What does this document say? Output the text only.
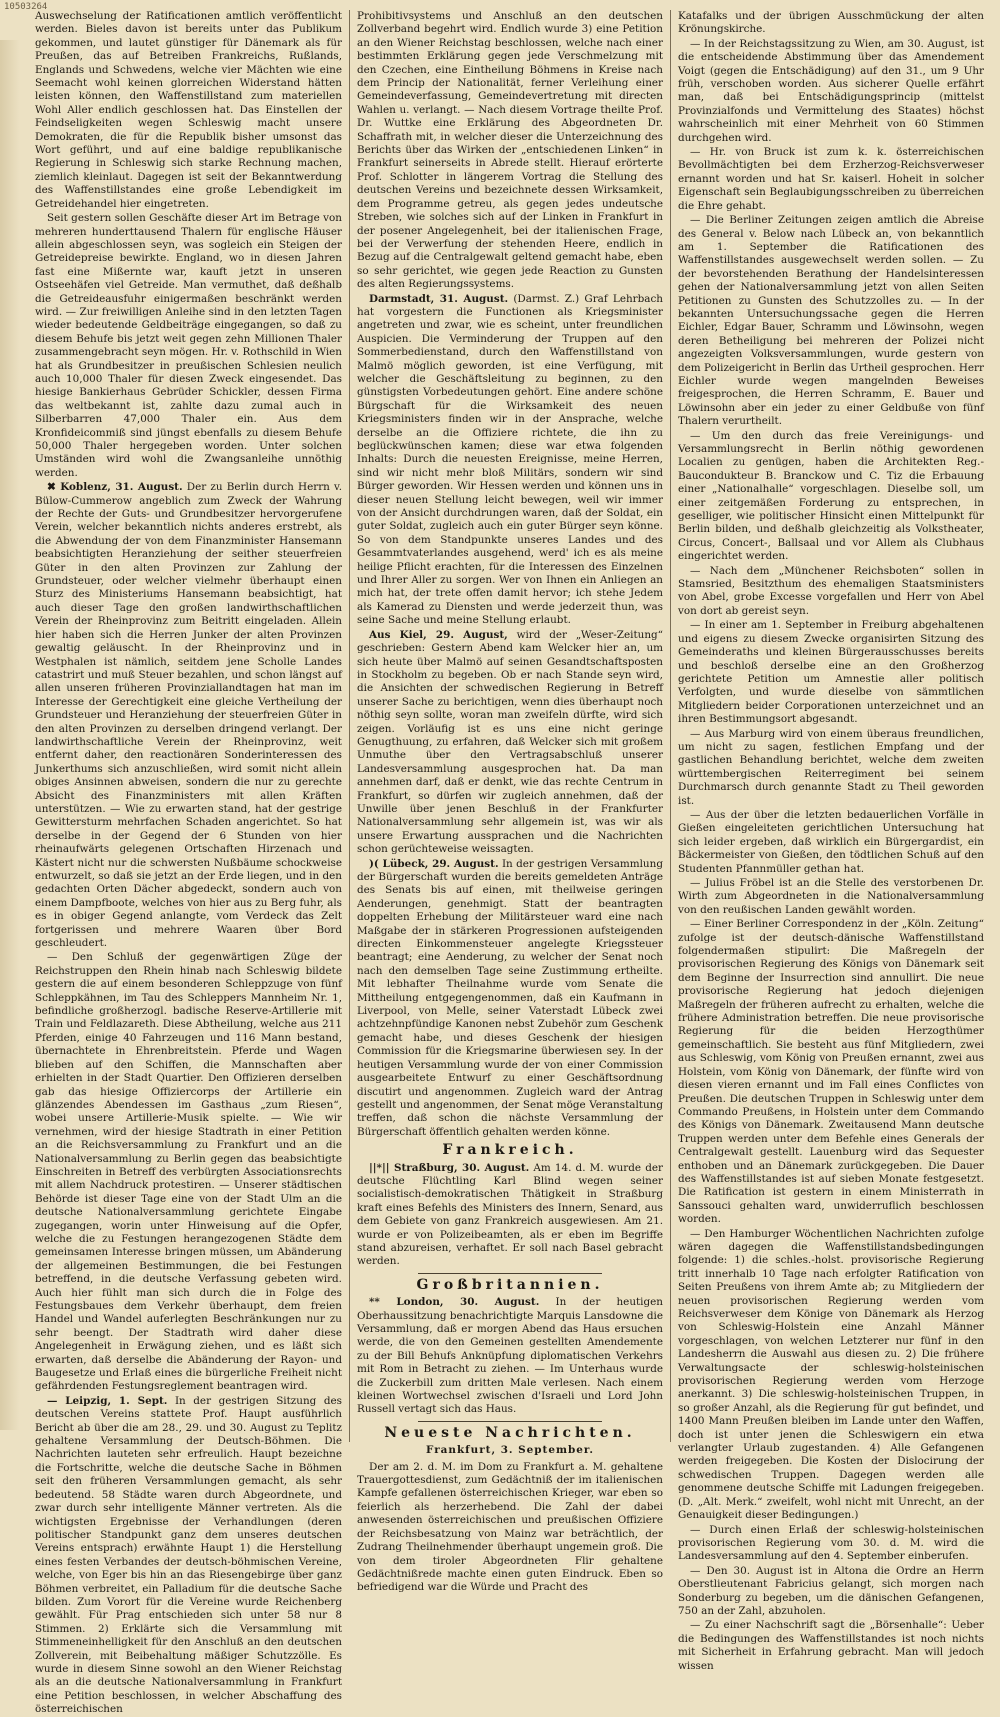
10503264

Auswechselung der Ratificationen amtlich veröffentlicht werden. Bieles davon ist bereits unter das Publikum gekommen, und lautet günstiger für Dänemark als für Preußen, das auf Betreiben Frankreichs, Rußlands, Englands und Schwedens, welche vier Mächten wie eine Seemacht wohl keinen glorreichen Widerstand hätten leisten können, den Waffenstillstand zum materiellen Wohl Aller endlich geschlossen hat. Das Einstellen der Feindseligkeiten wegen Schleswig macht unsere Demokraten, die für die Republik bisher umsonst das Wort geführt, und auf eine baldige republikanische Regierung in Schleswig sich starke Rechnung machen, ziemlich kleinlaut. Dagegen ist seit der Bekanntwerdung des Waffenstillstandes eine große Lebendigkeit im Getreidehandel hier eingetreten.

Seit gestern sollen Geschäfte dieser Art im Betrage von mehreren hunderttausend Thalern für englische Häuser allein abgeschlossen seyn, was sogleich ein Steigen der Getreidepreise bewirkte. England, wo in diesen Jahren fast eine Mißernte war, kauft jetzt in unseren Ostseehäfen viel Getreide. Man vermuthet, daß deßhalb die Getreideausfuhr einigermaßen beschränkt werden wird. — Zur freiwilligen Anleihe sind in den letzten Tagen wieder bedeutende Geldbeiträge eingegangen, so daß zu diesem Behufe bis jetzt weit gegen zehn Millionen Thaler zusammengebracht seyn mögen. Hr. v. Rothschild in Wien hat als Grundbesitzer in preußischen Schlesien neulich auch 10,000 Thaler für diesen Zweck eingesendet. Das hiesige Bankierhaus Gebrüder Schickler, dessen Firma das weltbekannt ist, zahlte dazu zumal auch in Silberbarren 47,000 Thaler ein. Aus dem Kronfideicommiß sind jüngst ebenfalls zu diesem Behufe 50,000 Thaler hergegeben worden. Unter solchen Umständen wird wohl die Zwangsanleihe unnöthig werden.

✖ Koblenz, 31. August. Der zu Berlin durch Herrn v. Bülow-Cummerow angeblich zum Zweck der Wahrung der Rechte der Guts- und Grundbesitzer hervorgerufene Verein, welcher bekanntlich nichts anderes erstrebt, als die Abwendung der von dem Finanzminister Hansemann beabsichtigten Heranziehung der seither steuerfreien Güter in den alten Provinzen zur Zahlung der Grundsteuer, oder welcher vielmehr überhaupt einen Sturz des Ministeriums Hansemann beabsichtigt, hat auch dieser Tage den großen landwirthschaftlichen Verein der Rheinprovinz zum Beitritt eingeladen. Allein hier haben sich die Herren Junker der alten Provinzen gewaltig geläuscht. In der Rheinprovinz und in Westphalen ist nämlich, seitdem jene Scholle Landes catastrirt und muß Steuer bezahlen, und schon längst auf allen unseren früheren Provinziallandtagen hat man im Interesse der Gerechtigkeit eine gleiche Vertheilung der Grundsteuer und Heranziehung der steuerfreien Güter in den alten Provinzen zu derselben dringend verlangt. Der landwirthschaftliche Verein der Rheinprovinz, weit entfernt daher, den reactionären Sonderinteressen des Junkerthums sich anzuschließen, wird somit nicht allein obiges Ansinnen abweisen, sondern die nur zu gerechte Absicht des Finanzministers mit allen Kräften unterstützen. — Wie zu erwarten stand, hat der gestrige Gewittersturm mehrfachen Schaden angerichtet. So hat derselbe in der Gegend der 6 Stunden von hier rheinaufwärts gelegenen Ortschaften Hirzenach und Kästert nicht nur die schwersten Nußbäume schockweise entwurzelt, so daß sie jetzt an der Erde liegen, und in den gedachten Orten Dächer abgedeckt, sondern auch von einem Dampfboote, welches von hier aus zu Berg fuhr, als es in obiger Gegend anlangte, vom Verdeck das Zelt fortgerissen und mehrere Waaren über Bord geschleudert.

— Den Schluß der gegenwärtigen Züge der Reichstruppen den Rhein hinab nach Schleswig bildete gestern die auf einem besonderen Schleppzuge von fünf Schleppkähnen, im Tau des Schleppers Mannheim Nr. 1, befindliche großherzogl. badische Reserve-Artillerie mit Train und Feldlazareth. Diese Abtheilung, welche aus 211 Pferden, einige 40 Fahrzeugen und 116 Mann bestand, übernachtete in Ehrenbreitstein. Pferde und Wagen blieben auf den Schiffen, die Mannschaften aber erhielten in der Stadt Quartier. Den Offizieren derselben gab das hiesige Offiziercorps der Artillerie ein glänzendes Abendessen im Gasthaus „zum Riesen“, wobei unsere Artillerie-Musik spielte. — Wie wir vernehmen, wird der hiesige Stadtrath in einer Petition an die Reichsversammlung zu Frankfurt und an die Nationalversammlung zu Berlin gegen das beabsichtigte Einschreiten in Betreff des verbürgten Associationsrechts mit allem Nachdruck protestiren. — Unserer städtischen Behörde ist dieser Tage eine von der Stadt Ulm an die deutsche Nationalversammlung gerichtete Eingabe zugegangen, worin unter Hinweisung auf die Opfer, welche die zu Festungen herangezogenen Städte dem gemeinsamen Interesse bringen müssen, um Abänderung der allgemeinen Bestimmungen, die bei Festungen betreffend, in die deutsche Verfassung gebeten wird. Auch hier fühlt man sich durch die in Folge des Festungsbaues dem Verkehr überhaupt, dem freien Handel und Wandel auferlegten Beschränkungen nur zu sehr beengt. Der Stadtrath wird daher diese Angelegenheit in Erwägung ziehen, und es läßt sich erwarten, daß derselbe die Abänderung der Rayon- und Baugesetze und Erlaß eines die bürgerliche Freiheit nicht gefährdenden Festungsreglement beantragen wird.

— Leipzig, 1. Sept. In der gestrigen Sitzung des deutschen Vereins stattete Prof. Haupt ausführlich Bericht ab über die am 28., 29. und 30. August zu Teplitz gehaltene Versammlung der Deutsch-Böhmen. Die Nachrichten lauteten sehr erfreulich. Haupt bezeichne die Fortschritte, welche die deutsche Sache in Böhmen seit den früheren Versammlungen gemacht, als sehr bedeutend. 58 Städte waren durch Abgeordnete, und zwar durch sehr intelligente Männer vertreten. Als die wichtigsten Ergebnisse der Verhandlungen (deren politischer Standpunkt ganz dem unseres deutschen Vereins entsprach) erwähnte Haupt 1) die Herstellung eines festen Verbandes der deutsch-böhmischen Vereine, welche, von Eger bis hin an das Riesengebirge über ganz Böhmen verbreitet, ein Palladium für die deutsche Sache bilden. Zum Vorort für die Vereine wurde Reichenberg gewählt. Für Prag entschieden sich unter 58 nur 8 Stimmen. 2) Erklärte sich die Versammlung mit Stimmeneinhelligkeit für den Anschluß an den deutschen Zollverein, mit Beibehaltung mäßiger Schutzzölle. Es wurde in diesem Sinne sowohl an den Wiener Reichstag als an die deutsche Nationalversammlung in Frankfurt eine Petition beschlossen, in welcher Abschaffung des österreichischen

Prohibitivsystems und Anschluß an den deutschen Zollverband begehrt wird. Endlich wurde 3) eine Petition an den Wiener Reichstag beschlossen, welche nach einer bestimmten Erklärung gegen jede Verschmelzung mit den Czechen, eine Eintheilung Böhmens in Kreise nach dem Princip der Nationalität, ferner Verleihung einer Gemeindeverfassung, Gemeindevertretung mit directen Wahlen u. verlangt. — Nach diesem Vortrage theilte Prof. Dr. Wuttke eine Erklärung des Abgeordneten Dr. Schaffrath mit, in welcher dieser die Unterzeichnung des Berichts über das Wirken der „entschiedenen Linken“ in Frankfurt seinerseits in Abrede stellt. Hierauf erörterte Prof. Schlotter in längerem Vortrag die Stellung des deutschen Vereins und bezeichnete dessen Wirksamkeit, dem Programme getreu, als gegen jedes undeutsche Streben, wie solches sich auf der Linken in Frankfurt in der posener Angelegenheit, bei der italienischen Frage, bei der Verwerfung der stehenden Heere, endlich in Bezug auf die Centralgewalt geltend gemacht habe, eben so sehr gerichtet, wie gegen jede Reaction zu Gunsten des alten Regierungssystems.

Darmstadt, 31. August. (Darmst. Z.) Graf Lehrbach hat vorgestern die Functionen als Kriegsminister angetreten und zwar, wie es scheint, unter freundlichen Auspicien. Die Verminderung der Truppen auf den Sommerbedienstand, durch den Waffenstillstand von Malmö möglich geworden, ist eine Verfügung, mit welcher die Geschäftsleitung zu beginnen, zu den günstigsten Vorbedeutungen gehört. Eine andere schöne Bürgschaft für die Wirksamkeit des neuen Kriegsministers finden wir in der Ansprache, welche derselbe an die Offiziere richtete, die ihn zu beglückwünschen kamen; diese war etwa folgenden Inhalts: Durch die neuesten Ereignisse, meine Herren, sind wir nicht mehr bloß Militärs, sondern wir sind Bürger geworden. Wir Hessen werden und können uns in dieser neuen Stellung leicht bewegen, weil wir immer von der Ansicht durchdrungen waren, daß der Soldat, ein guter Soldat, zugleich auch ein guter Bürger seyn könne. So von dem Standpunkte unseres Landes und des Gesammtvaterlandes ausgehend, werd' ich es als meine heilige Pflicht erachten, für die Interessen des Einzelnen und Ihrer Aller zu sorgen. Wer von Ihnen ein Anliegen an mich hat, der trete offen damit hervor; ich stehe Jedem als Kamerad zu Diensten und werde jederzeit thun, was seine Sache und meine Stellung erlaubt.

Aus Kiel, 29. August, wird der „Weser-Zeitung“ geschrieben: Gestern Abend kam Welcker hier an, um sich heute über Malmö auf seinen Gesandtschaftsposten in Stockholm zu begeben. Ob er nach Stande seyn wird, die Ansichten der schwedischen Regierung in Betreff unserer Sache zu berichtigen, wenn dies überhaupt noch nöthig seyn sollte, woran man zweifeln dürfte, wird sich zeigen. Vorläufig ist es uns eine nicht geringe Genugthuung, zu erfahren, daß Welcker sich mit großem Unmuthe über den Vertragsabschluß unserer Landesversammlung ausgesprochen hat. Da man annehmen darf, daß er denkt, wie das rechte Centrum in Frankfurt, so dürfen wir zugleich annehmen, daß der Unwille über jenen Beschluß in der Frankfurter Nationalversammlung sehr allgemein ist, was wir als unsere Erwartung aussprachen und die Nachrichten schon gerüchteweise weissagten.

)( Lübeck, 29. August. In der gestrigen Versammlung der Bürgerschaft wurden die bereits gemeldeten Anträge des Senats bis auf einen, mit theilweise geringen Aenderungen, genehmigt. Statt der beantragten doppelten Erhebung der Militärsteuer ward eine nach Maßgabe der in stärkeren Progressionen aufsteigenden directen Einkommensteuer angelegte Kriegssteuer beantragt; eine Aenderung, zu welcher der Senat noch nach den demselben Tage seine Zustimmung ertheilte. Mit lebhafter Theilnahme wurde vom Senate die Mittheilung entgegengenommen, daß ein Kaufmann in Liverpool, von Melle, seiner Vaterstadt Lübeck zwei achtzehnpfündige Kanonen nebst Zubehör zum Geschenk gemacht habe, und dieses Geschenk der hiesigen Commission für die Kriegsmarine überwiesen sey. In der heutigen Versammlung wurde der von einer Commission ausgearbeitete Entwurf zu einer Geschäftsordnung discutirt und angenommen. Zugleich ward der Antrag gestellt und angenommen, der Senat möge Veranstaltung treffen, daß schon die nächste Versammlung der Bürgerschaft öffentlich gehalten werden könne.

Frankreich.

||*|| Straßburg, 30. August. Am 14. d. M. wurde der deutsche Flüchtling Karl Blind wegen seiner socialistisch-demokratischen Thätigkeit in Straßburg kraft eines Befehls des Ministers des Innern, Senard, aus dem Gebiete von ganz Frankreich ausgewiesen. Am 21. wurde er von Polizeibeamten, als er eben im Begriffe stand abzureisen, verhaftet. Er soll nach Basel gebracht werden.

Großbritannien.

** London, 30. August. In der heutigen Oberhaussitzung benachrichtigte Marquis Lansdowne die Versammlung, daß er morgen Abend das Haus ersuchen werde, die von den Gemeinen gestellten Amendemente zu der Bill Behufs Anknüpfung diplomatischen Verkehrs mit Rom in Betracht zu ziehen. — Im Unterhaus wurde die Zuckerbill zum dritten Male verlesen. Nach einem kleinen Wortwechsel zwischen d'Israeli und Lord John Russell vertagt sich das Haus.

Neueste Nachrichten.
Frankfurt, 3. September.

Der am 2. d. M. im Dom zu Frankfurt a. M. gehaltene Trauergottesdienst, zum Gedächtniß der im italienischen Kampfe gefallenen österreichischen Krieger, war eben so feierlich als herzerhebend. Die Zahl der dabei anwesenden österreichischen und preußischen Offiziere der Reichsbesatzung von Mainz war beträchtlich, der Zudrang Theilnehmender überhaupt ungemein groß. Die von dem tiroler Abgeordneten Flir gehaltene Gedächtnißrede machte einen guten Eindruck. Eben so befriedigend war die Würde und Pracht des

Katafalks und der übrigen Ausschmückung der alten Krönungskirche.

— In der Reichstagssitzung zu Wien, am 30. August, ist die entscheidende Abstimmung über das Amendement Voigt (gegen die Entschädigung) auf den 31., um 9 Uhr früh, verschoben worden. Aus sicherer Quelle erfährt man, daß bei Entschädigungsprincip (mittelst Provinzialfonds und Vermittelung des Staates) höchst wahrscheinlich mit einer Mehrheit von 60 Stimmen durchgehen wird.

— Hr. von Bruck ist zum k. k. österreichischen Bevollmächtigten bei dem Erzherzog-Reichsverweser ernannt worden und hat Sr. kaiserl. Hoheit in solcher Eigenschaft sein Beglaubigungsschreiben zu überreichen die Ehre gehabt.

— Die Berliner Zeitungen zeigen amtlich die Abreise des General v. Below nach Lübeck an, von bekanntlich am 1. September die Ratificationen des Waffenstillstandes ausgewechselt werden sollen. — Zu der bevorstehenden Berathung der Handelsinteressen gehen der Nationalversammlung jetzt von allen Seiten Petitionen zu Gunsten des Schutzzolles zu. — In der bekannten Untersuchungssache gegen die Herren Eichler, Edgar Bauer, Schramm und Löwinsohn, wegen deren Betheiligung bei mehreren der Polizei nicht angezeigten Volksversammlungen, wurde gestern von dem Polizeigericht in Berlin das Urtheil gesprochen. Herr Eichler wurde wegen mangelnden Beweises freigesprochen, die Herren Schramm, E. Bauer und Löwinsohn aber ein jeder zu einer Geldbuße von fünf Thalern verurtheilt.

— Um den durch das freie Vereinigungs- und Versammlungsrecht in Berlin nöthig gewordenen Localien zu genügen, haben die Architekten Reg.-Baucondukteur B. Branckow und C. Tiz die Erbauung einer „Nationalhalle“ vorgeschlagen. Dieselbe soll, um einer zeitgemäßen Forderung zu entsprechen, in geselliger, wie politischer Hinsicht einen Mittelpunkt für Berlin bilden, und deßhalb gleichzeitig als Volkstheater, Circus, Concert-, Ballsaal und vor Allem als Clubhaus eingerichtet werden.

— Nach dem „Münchener Reichsboten“ sollen in Stamsried, Besitzthum des ehemaligen Staatsministers von Abel, grobe Excesse vorgefallen und Herr von Abel von dort ab gereist seyn.

— In einer am 1. September in Freiburg abgehaltenen und eigens zu diesem Zwecke organisirten Sitzung des Gemeinderaths und kleinen Bürgerausschusses bereits und beschloß derselbe eine an den Großherzog gerichtete Petition um Amnestie aller politisch Verfolgten, und wurde dieselbe von sämmtlichen Mitgliedern beider Corporationen unterzeichnet und an ihren Bestimmungsort abgesandt.

— Aus Marburg wird von einem überaus freundlichen, um nicht zu sagen, festlichen Empfang und der gastlichen Behandlung berichtet, welche dem zweiten württembergischen Reiterregiment bei seinem Durchmarsch durch genannte Stadt zu Theil geworden ist.

— Aus der über die letzten bedauerlichen Vorfälle in Gießen eingeleiteten gerichtlichen Untersuchung hat sich leider ergeben, daß wirklich ein Bürgergardist, ein Bäckermeister von Gießen, den tödtlichen Schuß auf den Studenten Pfannmüller gethan hat.

— Julius Fröbel ist an die Stelle des verstorbenen Dr. Wirth zum Abgeordneten in die Nationalversammlung von den reußischen Landen gewählt worden.

— Einer Berliner Correspondenz in der „Köln. Zeitung“ zufolge ist der deutsch-dänische Waffenstillstand folgendermaßen stipulirt: Die Maßregeln der provisorischen Regierung des Königs von Dänemark seit dem Beginne der Insurrection sind annullirt. Die neue provisorische Regierung hat jedoch diejenigen Maßregeln der früheren aufrecht zu erhalten, welche die frühere Administration betreffen. Die neue provisorische Regierung für die beiden Herzogthümer gemeinschaftlich. Sie besteht aus fünf Mitgliedern, zwei aus Schleswig, vom König von Preußen ernannt, zwei aus Holstein, vom König von Dänemark, der fünfte wird von diesen vieren ernannt und im Fall eines Conflictes von Preußen. Die deutschen Truppen in Schleswig unter dem Commando Preußens, in Holstein unter dem Commando des Königs von Dänemark. Zweitausend Mann deutsche Truppen werden unter dem Befehle eines Generals der Centralgewalt gestellt. Lauenburg wird das Sequester enthoben und an Dänemark zurückgegeben. Die Dauer des Waffenstillstandes ist auf sieben Monate festgesetzt. Die Ratification ist gestern in einem Ministerrath in Sanssouci gehalten ward, unwiderruflich beschlossen worden.

— Den Hamburger Wöchentlichen Nachrichten zufolge wären dagegen die Waffenstillstandsbedingungen folgende: 1) die schles.-holst. provisorische Regierung tritt innerhalb 10 Tage nach erfolgter Ratification von Seiten Preußens von ihrem Amte ab; zu Mitgliedern der neuen provisorischen Regierung werden vom Reichsverweser dem Könige von Dänemark als Herzog von Schleswig-Holstein eine Anzahl Männer vorgeschlagen, von welchen Letzterer nur fünf in den Landesherrn die Auswahl aus diesen zu. 2) Die frühere Verwaltungsacte der schleswig-holsteinischen provisorischen Regierung werden vom Herzoge anerkannt. 3) Die schleswig-holsteinischen Truppen, in so großer Anzahl, als die Regierung für gut befindet, und 1400 Mann Preußen bleiben im Lande unter den Waffen, doch ist unter jenen die Schleswigern ein etwa verlangter Urlaub zugestanden. 4) Alle Gefangenen werden freigegeben. Die Kosten der Dislocirung der schwedischen Truppen. Dagegen werden alle genommene deutsche Schiffe mit Ladungen freigegeben. (D. „Alt. Merk.“ zweifelt, wohl nicht mit Unrecht, an der Genauigkeit dieser Bedingungen.)

— Durch einen Erlaß der schleswig-holsteinischen provisorischen Regierung vom 30. d. M. wird die Landesversammlung auf den 4. September einberufen.

— Den 30. August ist in Altona die Ordre an Herrn Oberstlieutenant Fabricius gelangt, sich morgen nach Sonderburg zu begeben, um die dänischen Gefangenen, 750 an der Zahl, abzuholen.

— Zu einer Nachschrift sagt die „Börsenhalle“: Ueber die Bedingungen des Waffenstillstandes ist noch nichts mit Sicherheit in Erfahrung gebracht. Man will jedoch wissen
